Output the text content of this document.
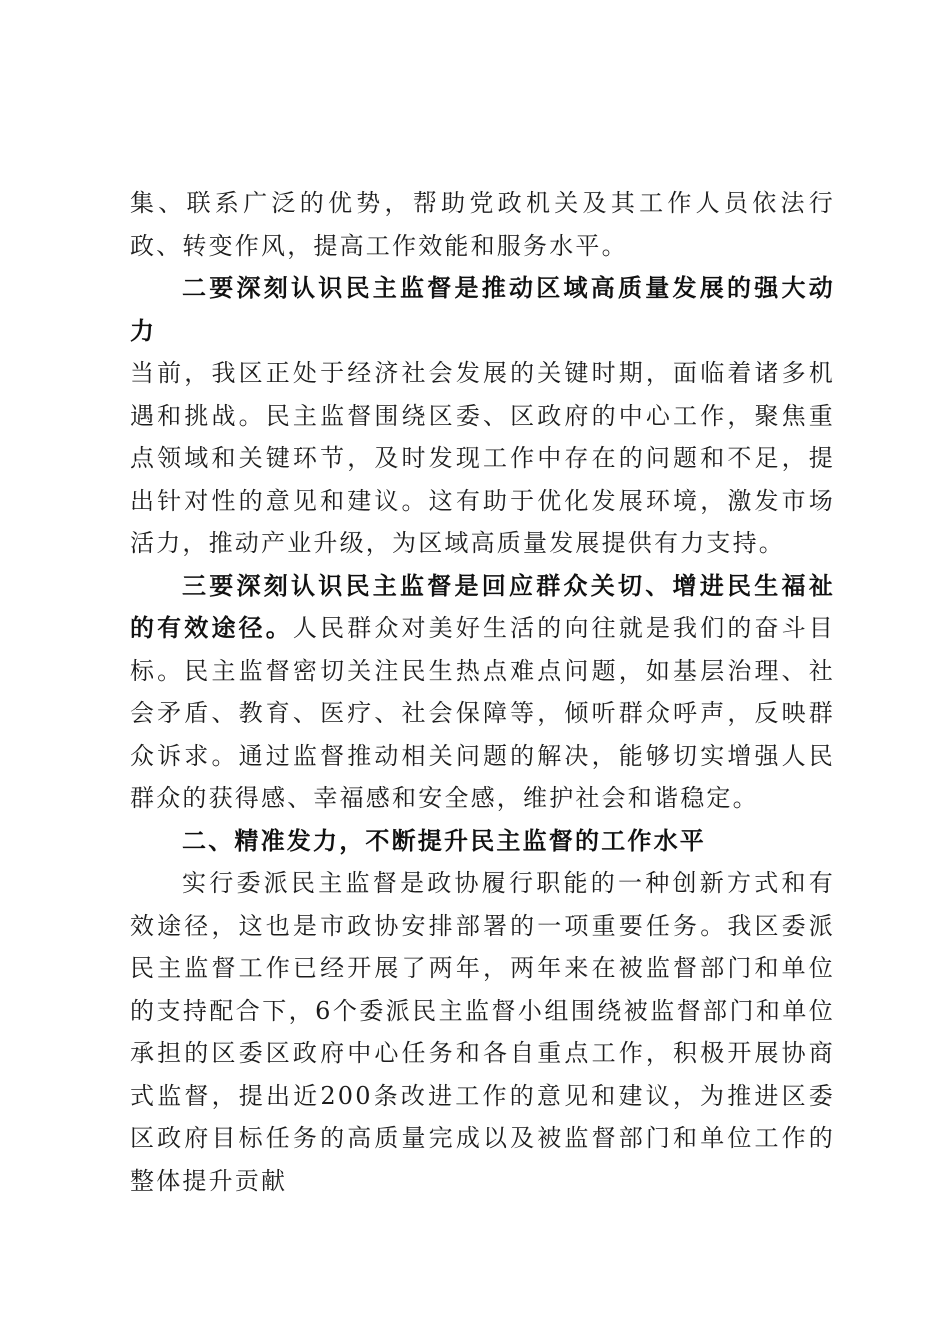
集、联系广泛的优势，帮助党政机关及其工作人员依法行政、转变作风，提高工作效能和服务水平。

二要深刻认识民主监督是推动区域高质量发展的强大动力

当前，我区正处于经济社会发展的关键时期，面临着诸多机遇和挑战。民主监督围绕区委、区政府的中心工作，聚焦重点领域和关键环节，及时发现工作中存在的问题和不足，提出针对性的意见和建议。这有助于优化发展环境，激发市场活力，推动产业升级，为区域高质量发展提供有力支持。

三要深刻认识民主监督是回应群众关切、增进民生福祉的有效途径。人民群众对美好生活的向往就是我们的奋斗目标。民主监督密切关注民生热点难点问题，如基层治理、社会矛盾、教育、医疗、社会保障等，倾听群众呼声，反映群众诉求。通过监督推动相关问题的解决，能够切实增强人民群众的获得感、幸福感和安全感，维护社会和谐稳定。

二、精准发力，不断提升民主监督的工作水平

实行委派民主监督是政协履行职能的一种创新方式和有效途径，这也是市政协安排部署的一项重要任务。我区委派民主监督工作已经开展了两年，两年来在被监督部门和单位的支持配合下，6个委派民主监督小组围绕被监督部门和单位承担的区委区政府中心任务和各自重点工作，积极开展协商式监督，提出近200条改进工作的意见和建议，为推进区委区政府目标任务的高质量完成以及被监督部门和单位工作的整体提升贡献
